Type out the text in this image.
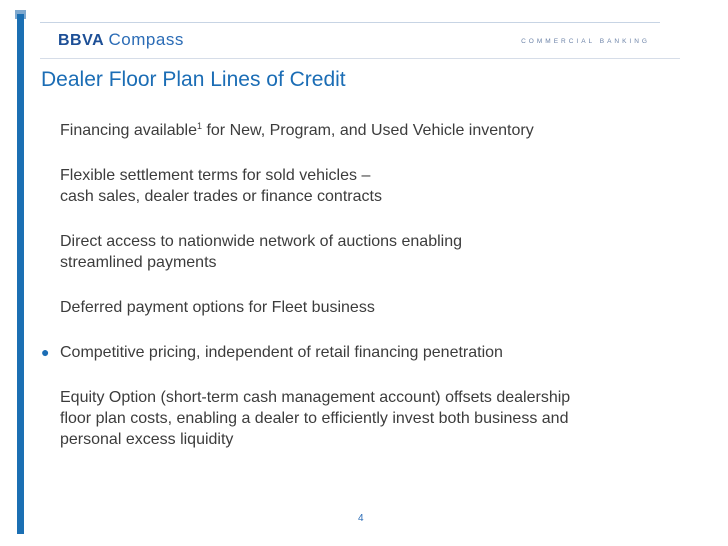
BBVA Compass	COMMERCIAL BANKING
Dealer Floor Plan Lines of Credit
Financing available$^1$ for New, Program, and Used Vehicle inventory
Flexible settlement terms for sold vehicles –
cash sales, dealer trades or finance contracts
Direct access to nationwide network of auctions enabling
streamlined payments
Deferred payment options for Fleet business
● Competitive pricing, independent of retail financing penetration
Equity Option (short-term cash management account) offsets dealership
floor plan costs, enabling a dealer to efficiently invest both business and
personal excess liquidity
4
